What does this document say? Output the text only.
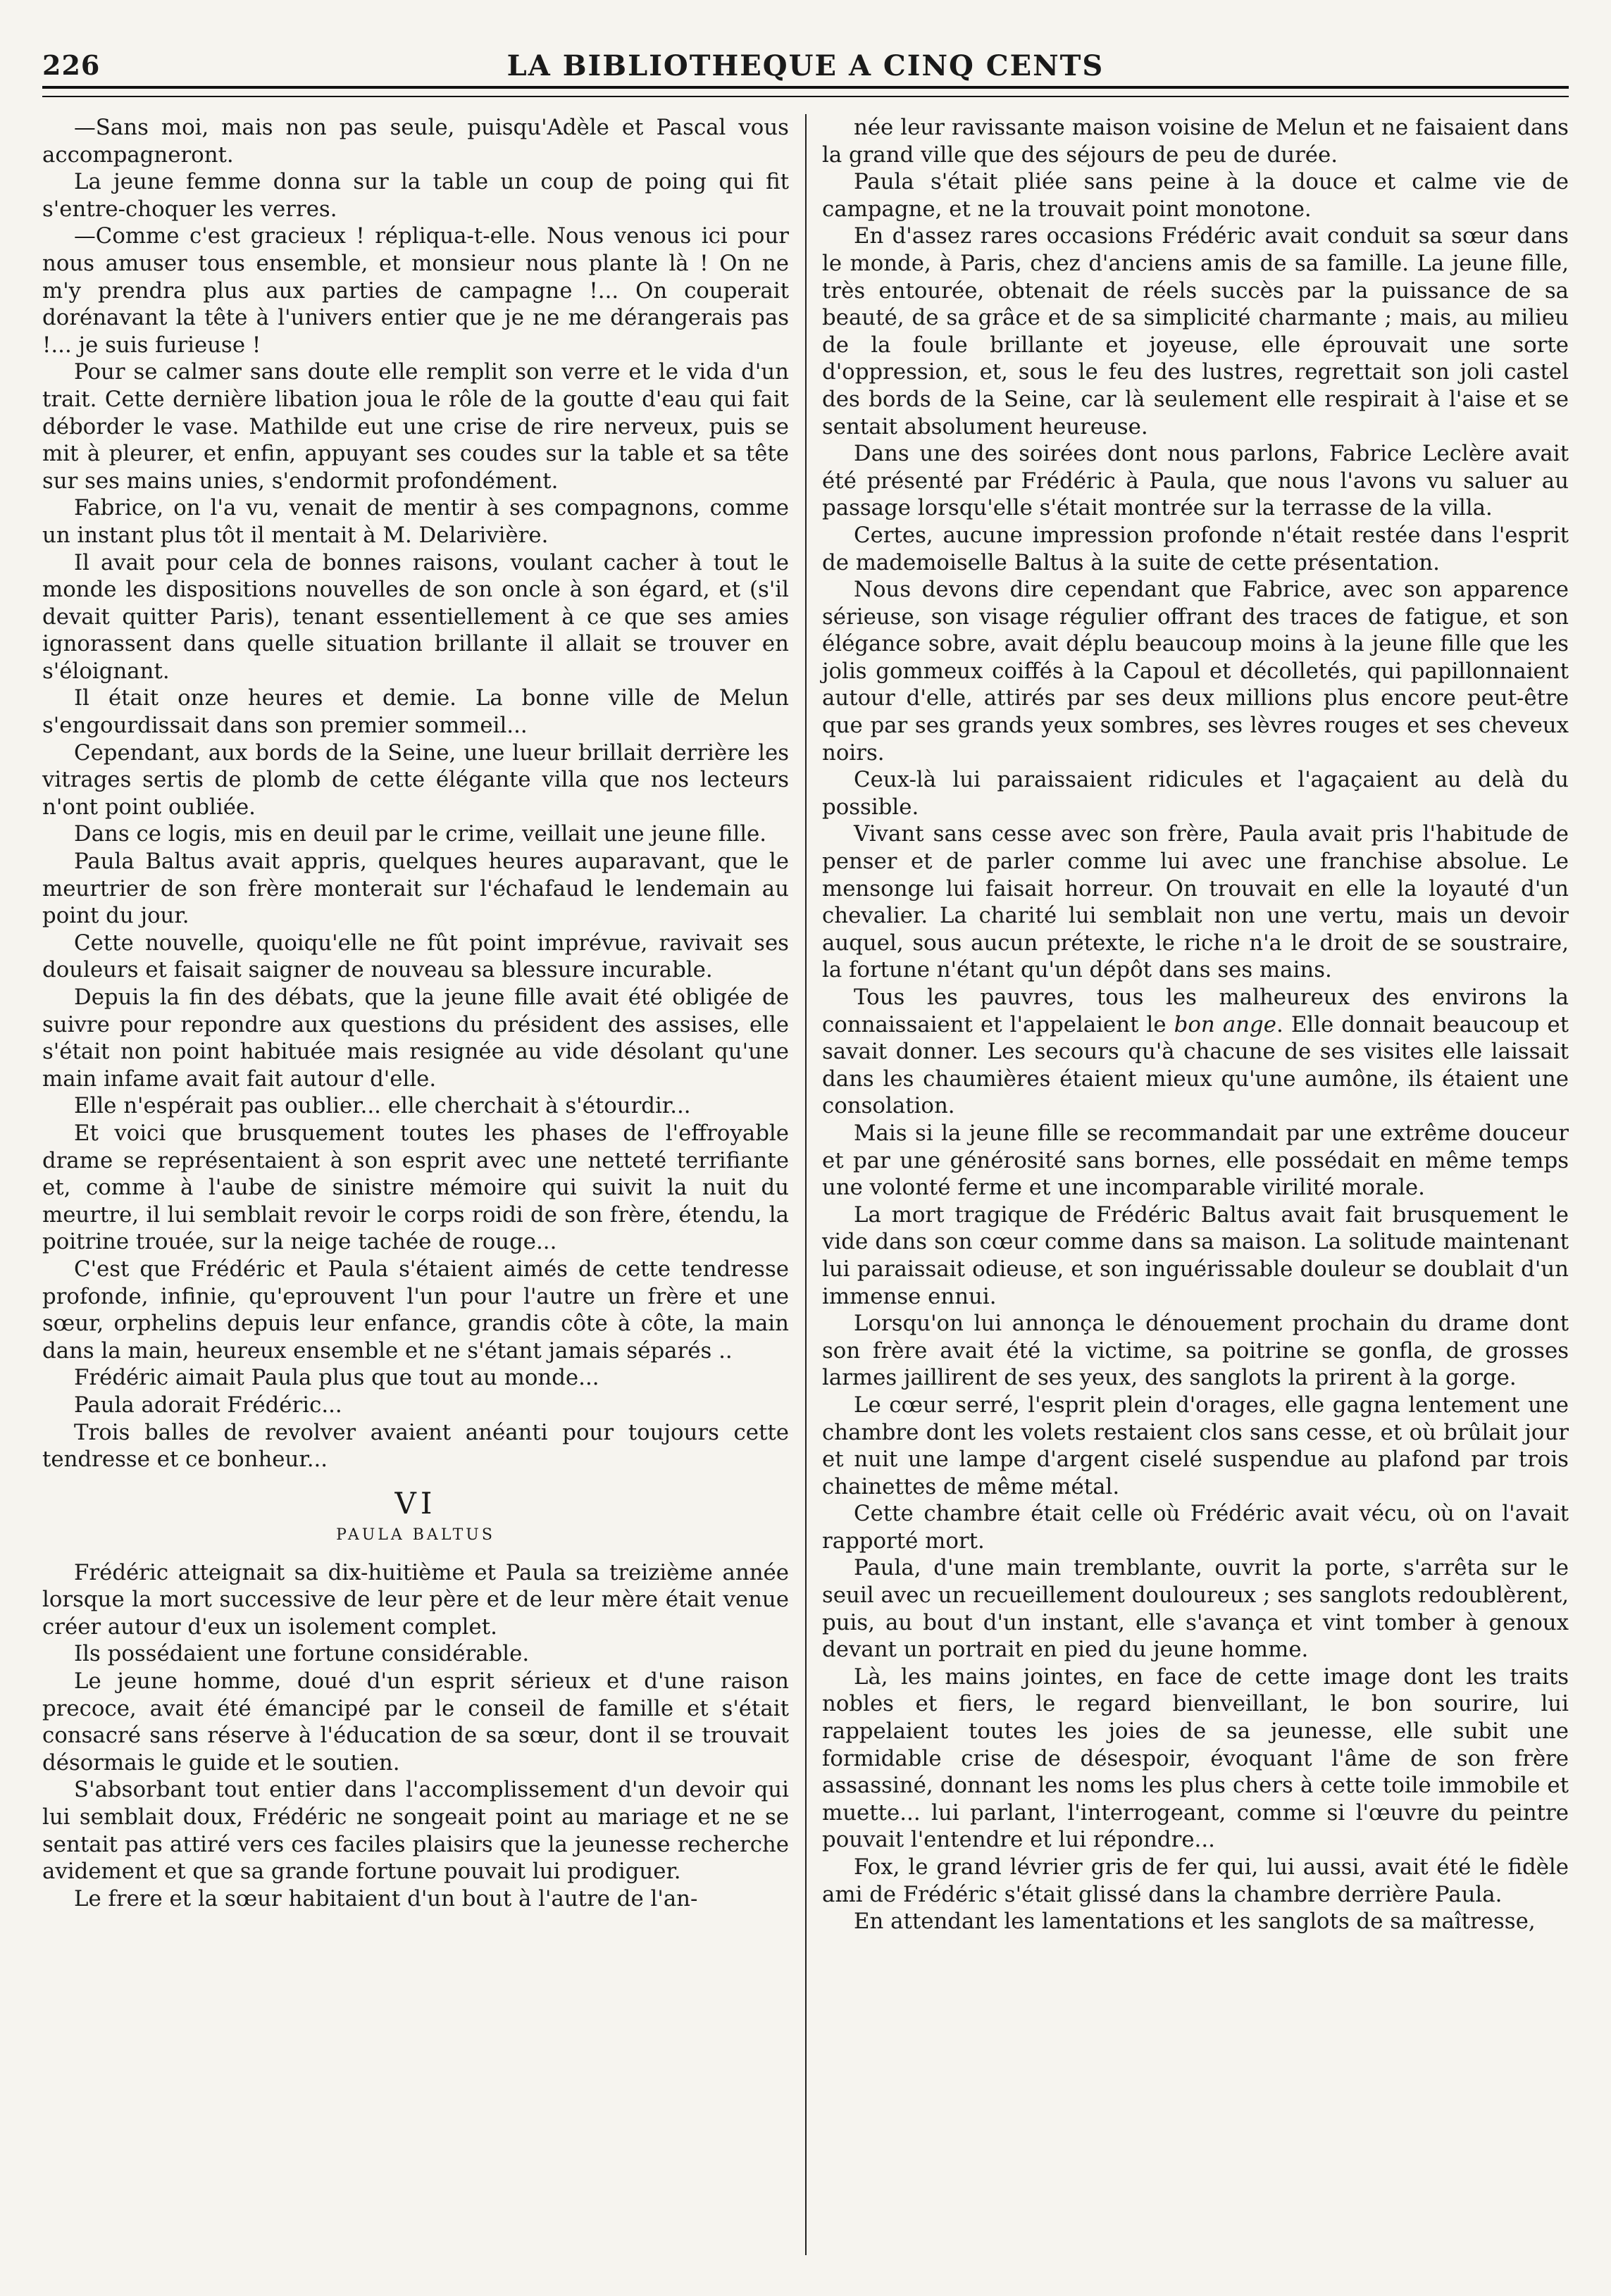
226	LA BIBLIOTHEQUE A CINQ CENTS

—Sans moi, mais non pas seule, puisqu'Adèle et Pascal vous accompagneront.

La jeune femme donna sur la table un coup de poing qui fit s'entre-choquer les verres.

—Comme c'est gracieux ! répliqua-t-elle. Nous venous ici pour nous amuser tous ensemble, et monsieur nous plante là ! On ne m'y prendra plus aux parties de campagne !... On couperait dorénavant la tête à l'univers entier que je ne me dérangerais pas !... je suis furieuse !

Pour se calmer sans doute elle remplit son verre et le vida d'un trait. Cette dernière libation joua le rôle de la goutte d'eau qui fait déborder le vase. Mathilde eut une crise de rire nerveux, puis se mit à pleurer, et enfin, appuyant ses coudes sur la table et sa tête sur ses mains unies, s'endormit profondément.

Fabrice, on l'a vu, venait de mentir à ses compagnons, comme un instant plus tôt il mentait à M. Delarivière.

Il avait pour cela de bonnes raisons, voulant cacher à tout le monde les dispositions nouvelles de son oncle à son égard, et (s'il devait quitter Paris), tenant essentiellement à ce que ses amies ignorassent dans quelle situation brillante il allait se trouver en s'éloignant.

Il était onze heures et demie. La bonne ville de Melun s'engourdissait dans son premier sommeil...

Cependant, aux bords de la Seine, une lueur brillait derrière les vitrages sertis de plomb de cette élégante villa que nos lecteurs n'ont point oubliée.

Dans ce logis, mis en deuil par le crime, veillait une jeune fille.

Paula Baltus avait appris, quelques heures auparavant, que le meurtrier de son frère monterait sur l'échafaud le lendemain au point du jour.

Cette nouvelle, quoiqu'elle ne fût point imprévue, ravivait ses douleurs et faisait saigner de nouveau sa blessure incurable.

Depuis la fin des débats, que la jeune fille avait été obligée de suivre pour repondre aux questions du président des assises, elle s'était non point habituée mais resignée au vide désolant qu'une main infame avait fait autour d'elle.

Elle n'espérait pas oublier... elle cherchait à s'étourdir...

Et voici que brusquement toutes les phases de l'effroyable drame se représentaient à son esprit avec une netteté terrifiante et, comme à l'aube de sinistre mémoire qui suivit la nuit du meurtre, il lui semblait revoir le corps roidi de son frère, étendu, la poitrine trouée, sur la neige tachée de rouge...

C'est que Frédéric et Paula s'étaient aimés de cette tendresse profonde, infinie, qu'eprouvent l'un pour l'autre un frère et une sœur, orphelins depuis leur enfance, grandis côte à côte, la main dans la main, heureux ensemble et ne s'étant jamais séparés ..

Frédéric aimait Paula plus que tout au monde...

Paula adorait Frédéric...

Trois balles de revolver avaient anéanti pour toujours cette tendresse et ce bonheur...

VI
PAULA BALTUS

Frédéric atteignait sa dix-huitième et Paula sa treizième année lorsque la mort successive de leur père et de leur mère était venue créer autour d'eux un isolement complet.

Ils possédaient une fortune considérable.

Le jeune homme, doué d'un esprit sérieux et d'une raison precoce, avait été émancipé par le conseil de famille et s'était consacré sans réserve à l'éducation de sa sœur, dont il se trouvait désormais le guide et le soutien.

S'absorbant tout entier dans l'accomplissement d'un devoir qui lui semblait doux, Frédéric ne songeait point au mariage et ne se sentait pas attiré vers ces faciles plaisirs que la jeunesse recherche avidement et que sa grande fortune pouvait lui prodiguer.

Le frere et la sœur habitaient d'un bout à l'autre de l'an-

née leur ravissante maison voisine de Melun et ne faisaient dans la grand ville que des séjours de peu de durée.

Paula s'était pliée sans peine à la douce et calme vie de campagne, et ne la trouvait point monotone.

En d'assez rares occasions Frédéric avait conduit sa sœur dans le monde, à Paris, chez d'anciens amis de sa famille. La jeune fille, très entourée, obtenait de réels succès par la puissance de sa beauté, de sa grâce et de sa simplicité charmante ; mais, au milieu de la foule brillante et joyeuse, elle éprouvait une sorte d'oppression, et, sous le feu des lustres, regrettait son joli castel des bords de la Seine, car là seulement elle respirait à l'aise et se sentait absolument heureuse.

Dans une des soirées dont nous parlons, Fabrice Leclère avait été présenté par Frédéric à Paula, que nous l'avons vu saluer au passage lorsqu'elle s'était montrée sur la terrasse de la villa.

Certes, aucune impression profonde n'était restée dans l'esprit de mademoiselle Baltus à la suite de cette présentation.

Nous devons dire cependant que Fabrice, avec son apparence sérieuse, son visage régulier offrant des traces de fatigue, et son élégance sobre, avait déplu beaucoup moins à la jeune fille que les jolis gommeux coiffés à la Capoul et décolletés, qui papillonnaient autour d'elle, attirés par ses deux millions plus encore peut-être que par ses grands yeux sombres, ses lèvres rouges et ses cheveux noirs.

Ceux-là lui paraissaient ridicules et l'agaçaient au delà du possible.

Vivant sans cesse avec son frère, Paula avait pris l'habitude de penser et de parler comme lui avec une franchise absolue. Le mensonge lui faisait horreur. On trouvait en elle la loyauté d'un chevalier. La charité lui semblait non une vertu, mais un devoir auquel, sous aucun prétexte, le riche n'a le droit de se soustraire, la fortune n'étant qu'un dépôt dans ses mains.

Tous les pauvres, tous les malheureux des environs la connaissaient et l'appelaient le bon ange. Elle donnait beaucoup et savait donner. Les secours qu'à chacune de ses visites elle laissait dans les chaumières étaient mieux qu'une aumône, ils étaient une consolation.

Mais si la jeune fille se recommandait par une extrême douceur et par une générosité sans bornes, elle possédait en même temps une volonté ferme et une incomparable virilité morale.

La mort tragique de Frédéric Baltus avait fait brusquement le vide dans son cœur comme dans sa maison. La solitude maintenant lui paraissait odieuse, et son inguérissable douleur se doublait d'un immense ennui.

Lorsqu'on lui annonça le dénouement prochain du drame dont son frère avait été la victime, sa poitrine se gonfla, de grosses larmes jaillirent de ses yeux, des sanglots la prirent à la gorge.

Le cœur serré, l'esprit plein d'orages, elle gagna lentement une chambre dont les volets restaient clos sans cesse, et où brûlait jour et nuit une lampe d'argent ciselé suspendue au plafond par trois chainettes de même métal.

Cette chambre était celle où Frédéric avait vécu, où on l'avait rapporté mort.

Paula, d'une main tremblante, ouvrit la porte, s'arrêta sur le seuil avec un recueillement douloureux ; ses sanglots redoublèrent, puis, au bout d'un instant, elle s'avança et vint tomber à genoux devant un portrait en pied du jeune homme.

Là, les mains jointes, en face de cette image dont les traits nobles et fiers, le regard bienveillant, le bon sourire, lui rappelaient toutes les joies de sa jeunesse, elle subit une formidable crise de désespoir, évoquant l'âme de son frère assassiné, donnant les noms les plus chers à cette toile immobile et muette... lui parlant, l'interrogeant, comme si l'œuvre du peintre pouvait l'entendre et lui répondre...

Fox, le grand lévrier gris de fer qui, lui aussi, avait été le fidèle ami de Frédéric s'était glissé dans la chambre derrière Paula.

En attendant les lamentations et les sanglots de sa maîtresse,
